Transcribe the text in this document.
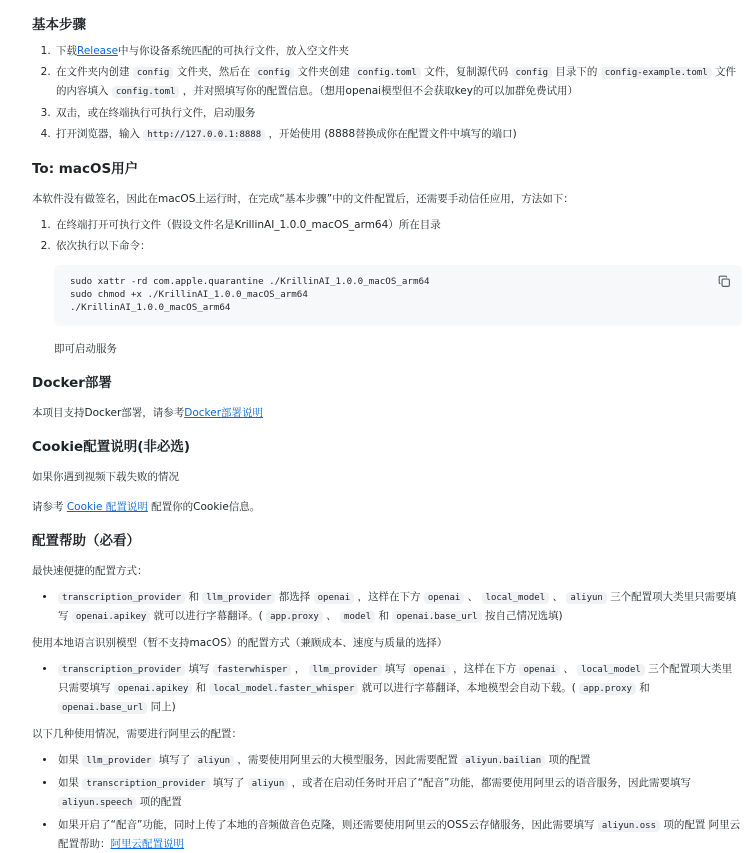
基本步骤
1. 下载Release中与你设备系统匹配的可执行文件，放入空文件夹
2. 在文件夹内创建 config 文件夹，然后在 config 文件夹创建 config.toml 文件，复制源代码 config 目录下的 config-example.toml 文件的内容填入 config.toml ，并对照填写你的配置信息。（想用openai模型但不会获取key的可以加群免费试用）
3. 双击，或在终端执行可执行文件，启动服务
4. 打开浏览器，输入 http://127.0.0.1:8888 ，开始使用 (8888替换成你在配置文件中填写的端口)
To: macOS用户

本软件没有做签名，因此在macOS上运行时，在完成“基本步骤”中的文件配置后，还需要手动信任应用，方法如下：

1. 在终端打开可执行文件（假设文件名是KrillinAI_1.0.0_macOS_arm64）所在目录
2. 依次执行以下命令：
sudo xattr -rd com.apple.quarantine ./KrillinAI_1.0.0_macOS_arm64
sudo chmod +x ./KrillinAI_1.0.0_macOS_arm64
./KrillinAI_1.0.0_macOS_arm64

即可启动服务

Docker部署

本项目支持Docker部署，请参考Docker部署说明

Cookie配置说明(非必选)

如果你遇到视频下载失败的情况

请参考 Cookie 配置说明 配置你的Cookie信息。

配置帮助（必看）

最快速便捷的配置方式：

• transcription_provider 和 llm_provider 都选择 openai ，这样在下方 openai 、 local_model 、 aliyun 三个配置项大类里只需要填写 openai.apikey 就可以进行字幕翻译。( app.proxy 、 model 和 openai.base_url 按自己情况选填)

使用本地语言识别模型（暂不支持macOS）的配置方式（兼顾成本、速度与质量的选择）

• transcription_provider 填写 fasterwhisper ， llm_provider 填写 openai ，这样在下方 openai 、 local_model 三个配置项大类里只需要填写 openai.apikey 和 local_model.faster_whisper 就可以进行字幕翻译，本地模型会自动下载。( app.proxy 和 openai.base_url 同上)

以下几种使用情况，需要进行阿里云的配置：

• 如果 llm_provider 填写了 aliyun ，需要使用阿里云的大模型服务，因此需要配置 aliyun.bailian 项的配置
• 如果 transcription_provider 填写了 aliyun ，或者在启动任务时开启了“配音”功能，都需要使用阿里云的语音服务，因此需要填写 aliyun.speech 项的配置
• 如果开启了“配音”功能，同时上传了本地的音频做音色克隆，则还需要使用阿里云的OSS云存储服务，因此需要填写 aliyun.oss 项的配置 阿里云配置帮助：阿里云配置说明
